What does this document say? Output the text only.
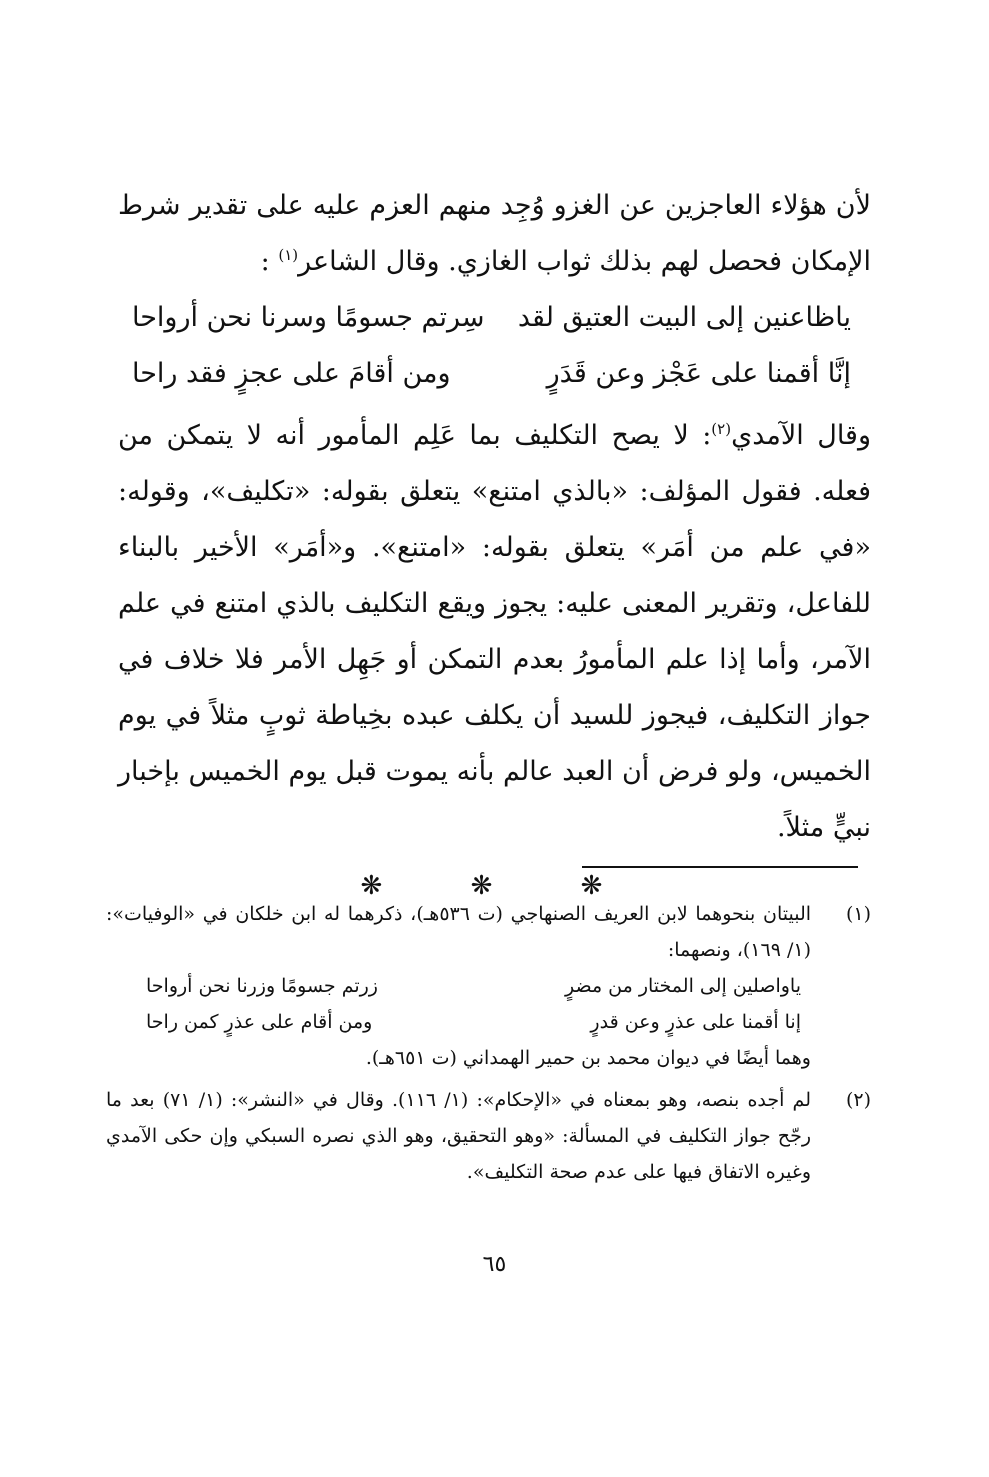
لأن هؤلاء العاجزين عن الغزو وُجِد منهم العزم عليه على تقدير شرط الإمكان فحصل لهم بذلك ثواب الغازي. وقال الشاعر$^{(١)}$ :

ياظاعنين إلى البيت العتيق لقد
سِرتم جسومًا وسرنا نحن أرواحا
إنَّا أقمنا على عَجْز وعن قَدَرٍ
ومن أقامَ على عجزٍ فقد راحا

وقال الآمدي$^{(٢)}$: لا يصح التكليف بما عَلِم المأمور أنه لا يتمكن من فعله. فقول المؤلف: «بالذي امتنع» يتعلق بقوله: «تكليف»، وقوله: «في علم من أمَر» يتعلق بقوله: «امتنع». و«أمَر» الأخير بالبناء للفاعل، وتقرير المعنى عليه: يجوز ويقع التكليف بالذي امتنع في علم الآمر، وأما إذا علم المأمورُ بعدم التمكن أو جَهِل الأمر فلا خلاف في جواز التكليف، فيجوز للسيد أن يكلف عبده بخِياطة ثوبٍ مثلاً في يوم الخميس، ولو فرض أن العبد عالم بأنه يموت قبل يوم الخميس بإخبار نبيٍّ مثلاً.

❋ ❋ ❋
(١)
البيتان بنحوهما لابن العريف الصنهاجي (ت ٥٣٦هـ)، ذكرهما له ابن خلكان في «الوفيات»: (١/ ١٦٩)، ونصهما:
ياواصلين إلى المختار من مضرٍ
زرتم جسومًا وزرنا نحن أرواحا
إنا أقمنا على عذرٍ وعن قدرٍ
ومن أقام على عذرٍ كمن راحا
وهما أيضًا في ديوان محمد بن حمير الهمداني (ت ٦٥١هـ).
(٢)
لم أجده بنصه، وهو بمعناه في «الإحكام»: (١/ ١١٦). وقال في «النشر»: (١/ ٧١) بعد ما رجّح جواز التكليف في المسألة: «وهو التحقيق، وهو الذي نصره السبكي وإن حكى الآمدي وغيره الاتفاق فيها على عدم صحة التكليف».
٦٥
